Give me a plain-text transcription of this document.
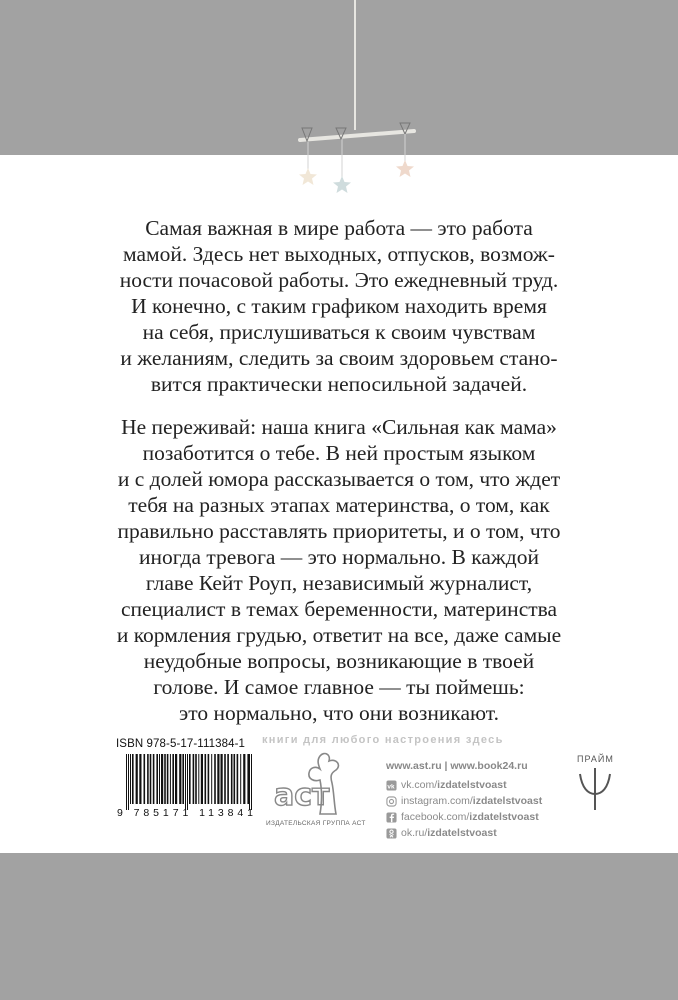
Самая важная в мире работа — это работа
мамой. Здесь нет выходных, отпусков, возмож-
ности почасовой работы. Это ежедневный труд.
И конечно, с таким графиком находить время
на себя, прислушиваться к своим чувствам
и желаниям, следить за своим здоровьем стано-
вится практически непосильной задачей.
Не переживай: наша книга «Сильная как мама»
позаботится о тебе. В ней простым языком
и с долей юмора рассказывается о том, что ждет
тебя на разных этапах материнства, о том, как
правильно расставлять приоритеты, и о том, что
иногда тревога — это нормально. В каждой
главе Кейт Роуп, независимый журналист,
специалист в темах беременности, материнства
и кормления грудью, ответит на все, даже самые
неудобные вопросы, возникающие в твоей
голове. И самое главное — ты поймешь:
это нормально, что они возникают.
ISBN 978-5-17-111384-1
9 785171 113841
книги для любого настроения здесь
аст
ИЗДАТЕЛЬСКАЯ ГРУППА АСТ
www.ast.ru | www.book24.ru
vk vk.com/ izdatelstvoast
instagram.com/ izdatelstvoast
facebook.com/ izdatelstvoast
ok.ru/ izdatelstvoast
ПРАЙМ
